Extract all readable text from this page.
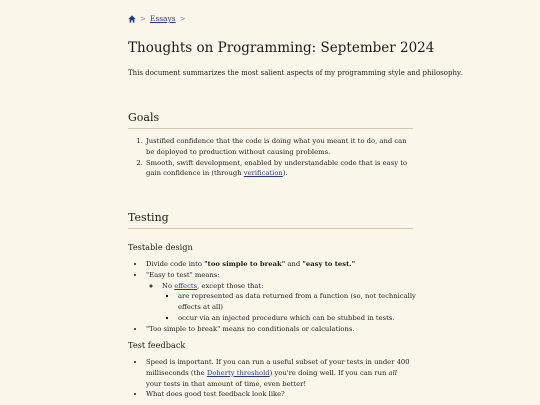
> Essays >
Thoughts on Programming: September 2024

This document summarizes the most salient aspects of my programming style and philosophy.

Goals
1. Justified confidence that the code is doing what you meant it to do, and can be deployed to production without causing problems.
2. Smooth, swift development, enabled by understandable code that is easy to gain confidence in (through verification).
Testing
Testable design
• Divide code into "too simple to break" and "easy to test."
• "Easy to test" means:
◦ No effects, except those that:
▪ are represented as data returned from a function (so, not technically effects at all)
▪ occur via an injected procedure which can be stubbed in tests.
• "Too simple to break" means no conditionals or calculations.
Test feedback
• Speed is important. If you can run a useful subset of your tests in under 400 milliseconds (the Doherty threshold) you're doing well. If you can run all your tests in that amount of time, even better!
• What does good test feedback look like?
